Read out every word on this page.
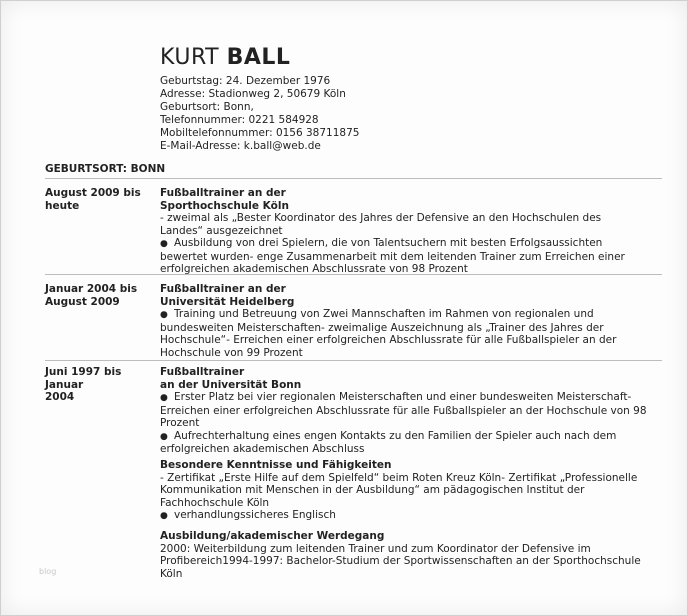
KURT BALL
Geburtstag: 24. Dezember 1976
Adresse: Stadionweg 2, 50679 Köln
Geburtsort: Bonn,
Telefonnummer: 0221 584928
Mobiltelefonnummer: 0156 38711875
E-Mail-Adresse: k.ball@web.de
GEBURTSORT: BONN
August 2009 bis
heute
Fußballtrainer an der
Sporthochschule Köln
- zweimal als „Bester Koordinator des Jahres der Defensive an den Hochschulen des
Landes“ ausgezeichnet
● Ausbildung von drei Spielern, die von Talentsuchern mit besten Erfolgsaussichten
bewertet wurden- enge Zusammenarbeit mit dem leitenden Trainer zum Erreichen einer
erfolgreichen akademischen Abschlussrate von 98 Prozent
Januar 2004 bis
August 2009
Fußballtrainer an der
Universität Heidelberg
● Training und Betreuung von Zwei Mannschaften im Rahmen von regionalen und
bundesweiten Meisterschaften- zweimalige Auszeichnung als „Trainer des Jahres der
Hochschule“- Erreichen einer erfolgreichen Abschlussrate für alle Fußballspieler an der
Hochschule von 99 Prozent
Juni 1997 bis Januar
2004
Fußballtrainer
an der Universität Bonn
● Erster Platz bei vier regionalen Meisterschaften und einer bundesweiten Meisterschaft-
Erreichen einer erfolgreichen Abschlussrate für alle Fußballspieler an der Hochschule von 98
Prozent
● Aufrechterhaltung eines engen Kontakts zu den Familien der Spieler auch nach dem
erfolgreichen akademischen Abschluss
Besondere Kenntnisse und Fähigkeiten
- Zertifikat „Erste Hilfe auf dem Spielfeld“ beim Roten Kreuz Köln- Zertifikat „Professionelle
Kommunikation mit Menschen in der Ausbildung“ am pädagogischen Institut der
Fachhochschule Köln
● verhandlungssicheres Englisch
Ausbildung/akademischer Werdegang
2000: Weiterbildung zum leitenden Trainer und zum Koordinator der Defensive im
Profibereich1994-1997: Bachelor-Studium der Sportwissenschaften an der Sporthochschule
Köln
blog
